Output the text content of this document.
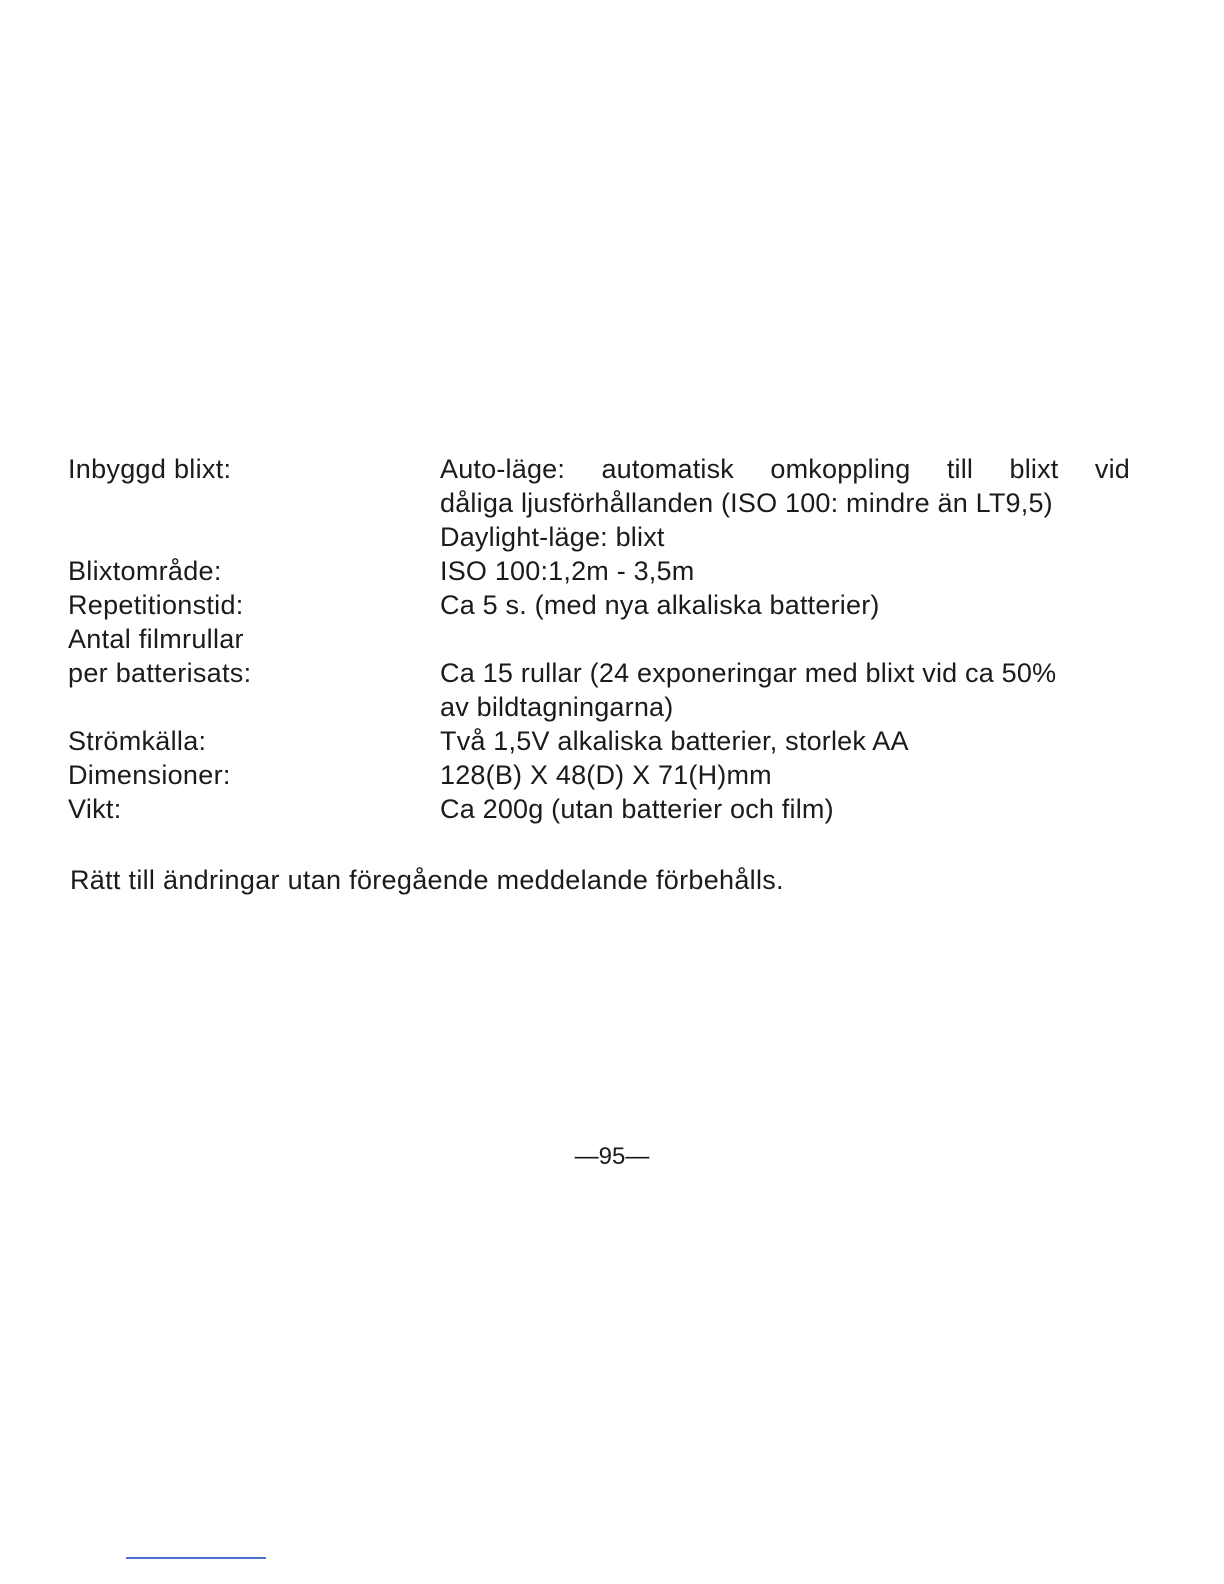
Inbyggd blixt:	Auto-läge: automatisk omkoppling till blixt vid
dåliga ljusförhållanden (ISO 100: mindre än LT9,5)
Daylight-läge: blixt
Blixtområde:	ISO 100:1,2m - 3,5m
Repetitionstid:	Ca 5 s. (med nya alkaliska batterier)
Antal filmrullar
per batterisats:	Ca 15 rullar (24 exponeringar med blixt vid ca 50%
av bildtagningarna)
Strömkälla:	Två 1,5V alkaliska batterier, storlek AA
Dimensioner:	128(B) X 48(D) X 71(H)mm
Vikt:	Ca 200g (utan batterier och film)
Rätt till ändringar utan föregående meddelande förbehålls.
—95—
